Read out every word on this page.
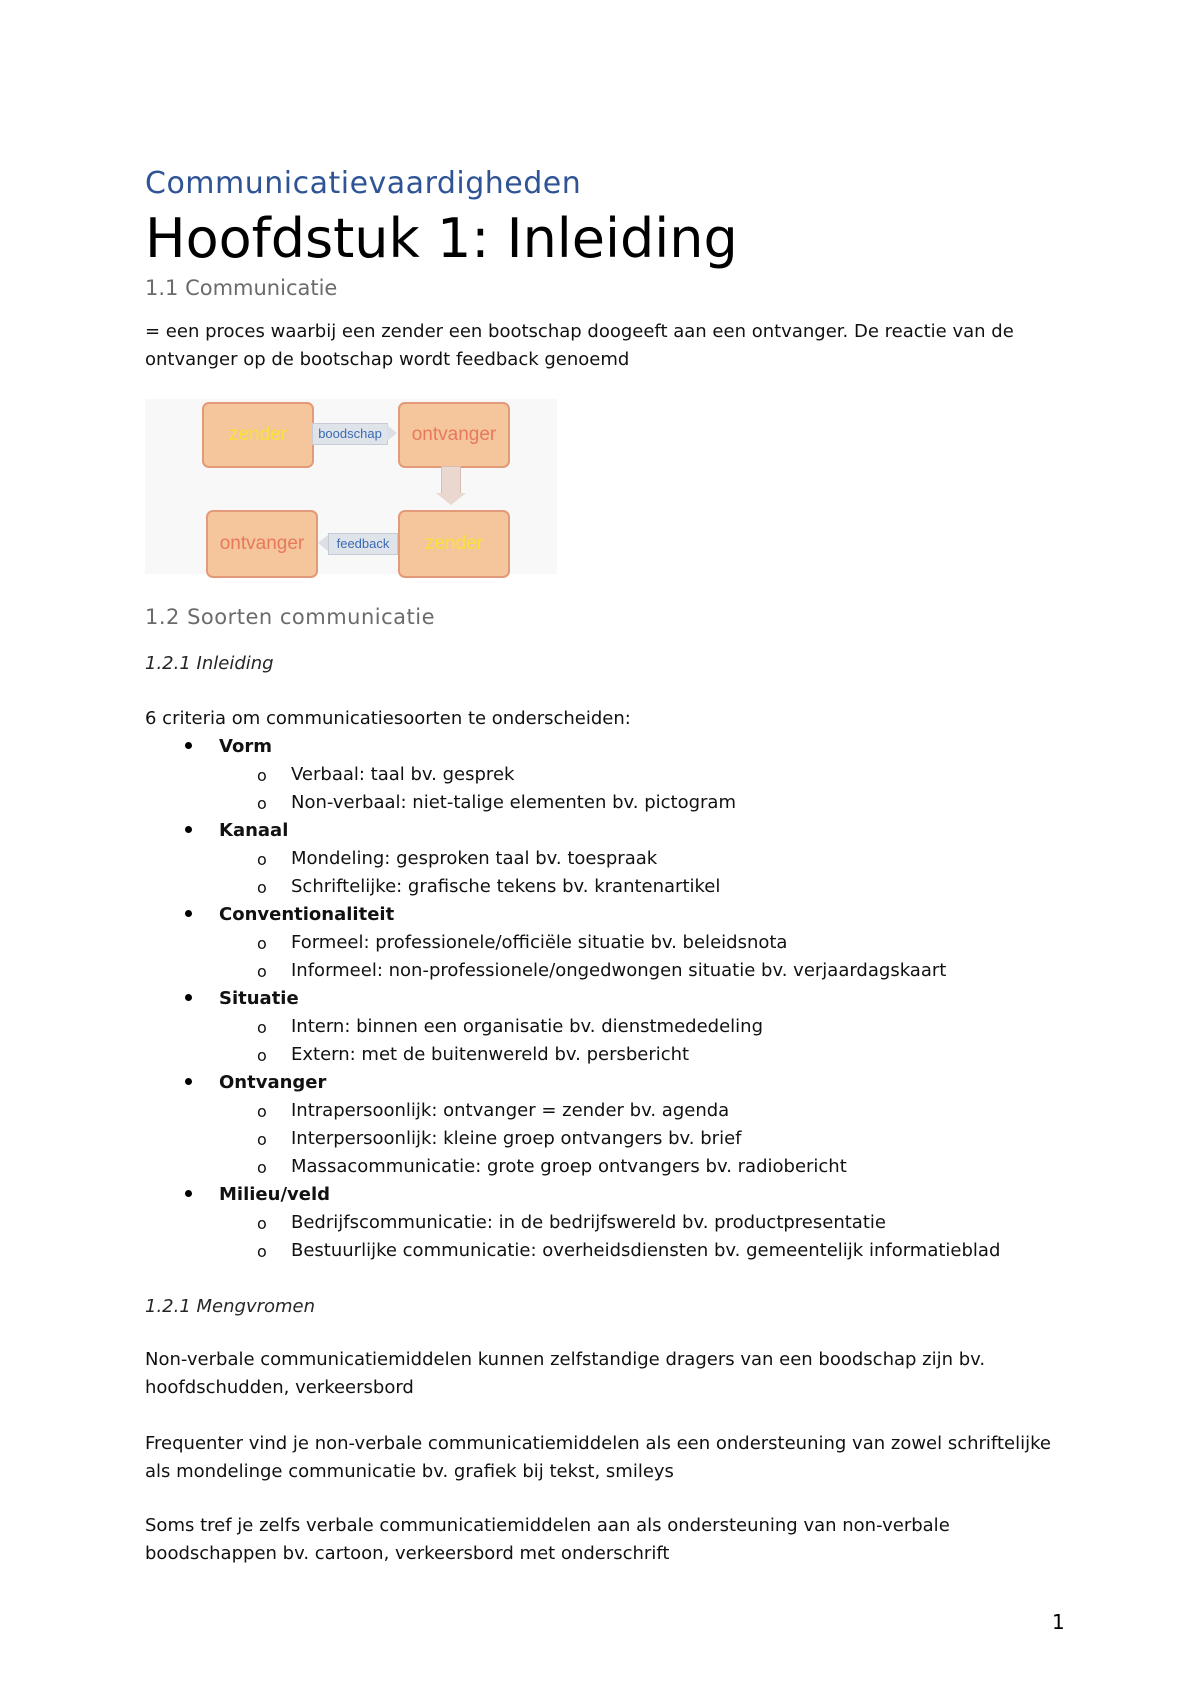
Communicatievaardigheden
Hoofdstuk 1: Inleiding
1.1 Communicatie
= een proces waarbij een zender een bootschap doogeeft aan een ontvanger. De reactie van de ontvanger op de bootschap wordt feedback genoemd
zender	boodschap	ontvanger
ontvanger	feedback	zender
1.2 Soorten communicatie
1.2.1 Inleiding
6 criteria om communicatiesoorten te onderscheiden:
Vorm
o Verbaal: taal bv. gesprek
o Non-verbaal: niet-talige elementen bv. pictogram
Kanaal
o Mondeling: gesproken taal bv. toespraak
o Schriftelijke: grafische tekens bv. krantenartikel
Conventionaliteit
o Formeel: professionele/officiële situatie bv. beleidsnota
o Informeel: non-professionele/ongedwongen situatie bv. verjaardagskaart
Situatie
o Intern: binnen een organisatie bv. dienstmededeling
o Extern: met de buitenwereld bv. persbericht
Ontvanger
o Intrapersoonlijk: ontvanger = zender bv. agenda
o Interpersoonlijk: kleine groep ontvangers bv. brief
o Massacommunicatie: grote groep ontvangers bv. radiobericht
Milieu/veld
o Bedrijfscommunicatie: in de bedrijfswereld bv. productpresentatie
o Bestuurlijke communicatie: overheidsdiensten bv. gemeentelijk informatieblad
1.2.1 Mengvromen
Non-verbale communicatiemiddelen kunnen zelfstandige dragers van een boodschap zijn bv. hoofdschudden, verkeersbord
Frequenter vind je non-verbale communicatiemiddelen als een ondersteuning van zowel schriftelijke als mondelinge communicatie bv. grafiek bij tekst, smileys
Soms tref je zelfs verbale communicatiemiddelen aan als ondersteuning van non-verbale boodschappen bv. cartoon, verkeersbord met onderschrift
1
